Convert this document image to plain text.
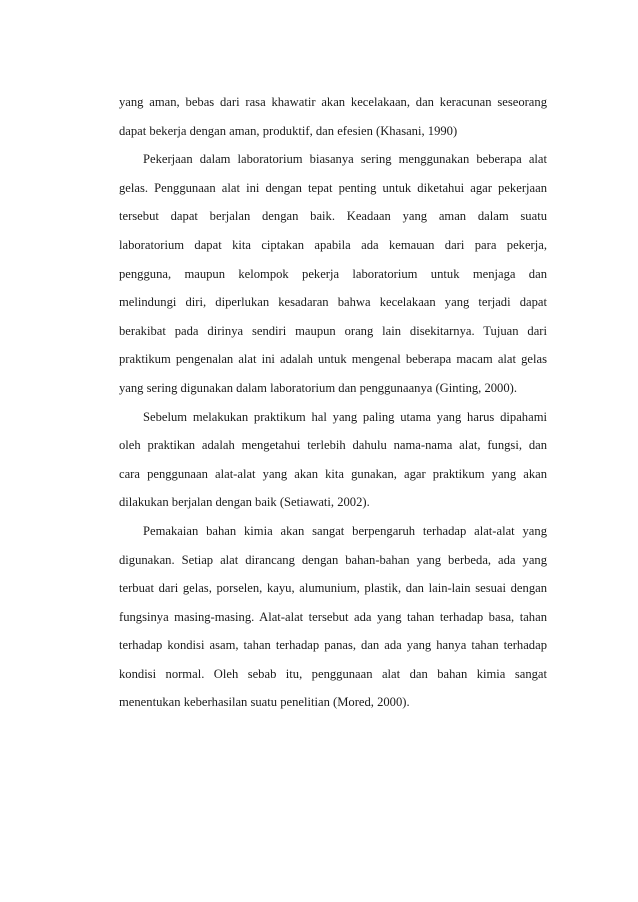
yang aman, bebas dari rasa khawatir akan kecelakaan, dan keracunan seseorang
dapat bekerja dengan aman, produktif, dan efesien (Khasani, 1990)
Pekerjaan dalam laboratorium biasanya sering menggunakan beberapa alat
gelas. Penggunaan alat ini dengan tepat penting untuk diketahui agar pekerjaan
tersebut dapat berjalan dengan baik. Keadaan yang aman dalam suatu
laboratorium dapat kita ciptakan apabila ada kemauan dari para pekerja,
pengguna, maupun kelompok pekerja laboratorium untuk menjaga dan
melindungi diri, diperlukan kesadaran bahwa kecelakaan yang terjadi dapat
berakibat pada dirinya sendiri maupun orang lain disekitarnya. Tujuan dari
praktikum pengenalan alat ini adalah untuk mengenal beberapa macam alat gelas
yang sering digunakan dalam laboratorium dan penggunaanya (Ginting, 2000).
Sebelum melakukan praktikum hal yang paling utama yang harus dipahami
oleh praktikan adalah mengetahui terlebih dahulu nama-nama alat, fungsi, dan
cara penggunaan alat-alat yang akan kita gunakan, agar praktikum yang akan
dilakukan berjalan dengan baik (Setiawati, 2002).
Pemakaian bahan kimia akan sangat berpengaruh terhadap alat-alat yang
digunakan. Setiap alat dirancang dengan bahan-bahan yang berbeda, ada yang
terbuat dari gelas, porselen, kayu, alumunium, plastik, dan lain-lain sesuai dengan
fungsinya masing-masing. Alat-alat tersebut ada yang tahan terhadap basa, tahan
terhadap kondisi asam, tahan terhadap panas, dan ada yang hanya tahan terhadap
kondisi normal. Oleh sebab itu, penggunaan alat dan bahan kimia sangat
menentukan keberhasilan suatu penelitian (Mored, 2000).
